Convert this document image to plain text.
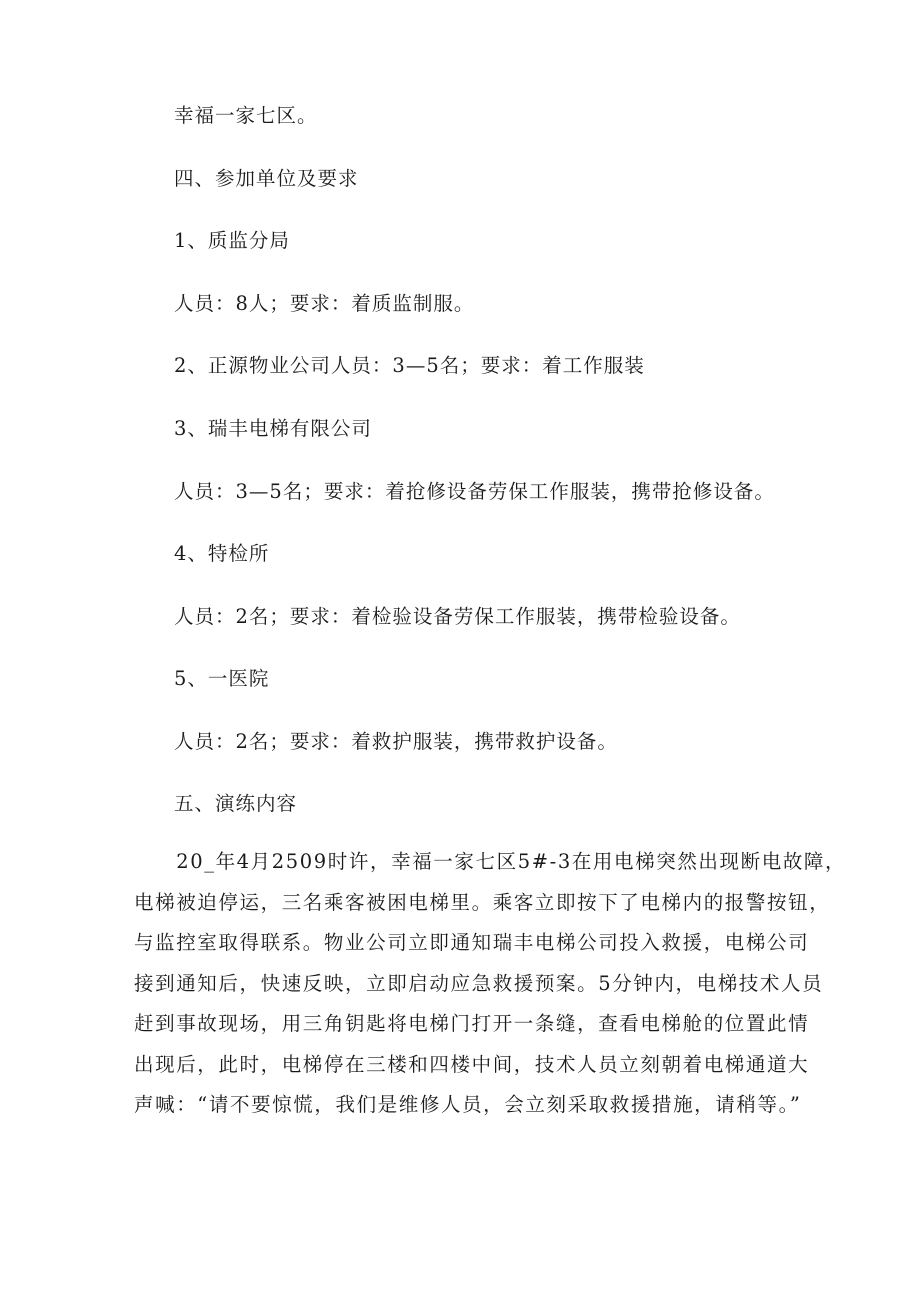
幸福一家七区。
四、参加单位及要求
1、质监分局
人员：8人；要求：着质监制服。
2、正源物业公司人员：3—5名；要求：着工作服装
3、瑞丰电梯有限公司
人员：3—5名；要求：着抢修设备劳保工作服装，携带抢修设备。
4、特检所
人员：2名；要求：着检验设备劳保工作服装，携带检验设备。
5、一医院
人员：2名；要求：着救护服装，携带救护设备。
五、演练内容
　　20_年4月2509时许，幸福一家七区5#-3在用电梯突然出现断电故障，
电梯被迫停运，三名乘客被困电梯里。乘客立即按下了电梯内的报警按钮，
与监控室取得联系。物业公司立即通知瑞丰电梯公司投入救援，电梯公司
接到通知后，快速反映，立即启动应急救援预案。5分钟内，电梯技术人员
赶到事故现场，用三角钥匙将电梯门打开一条缝，查看电梯舱的位置此情
出现后，此时，电梯停在三楼和四楼中间，技术人员立刻朝着电梯通道大
声喊：“请不要惊慌，我们是维修人员，会立刻采取救援措施，请稍等。”
